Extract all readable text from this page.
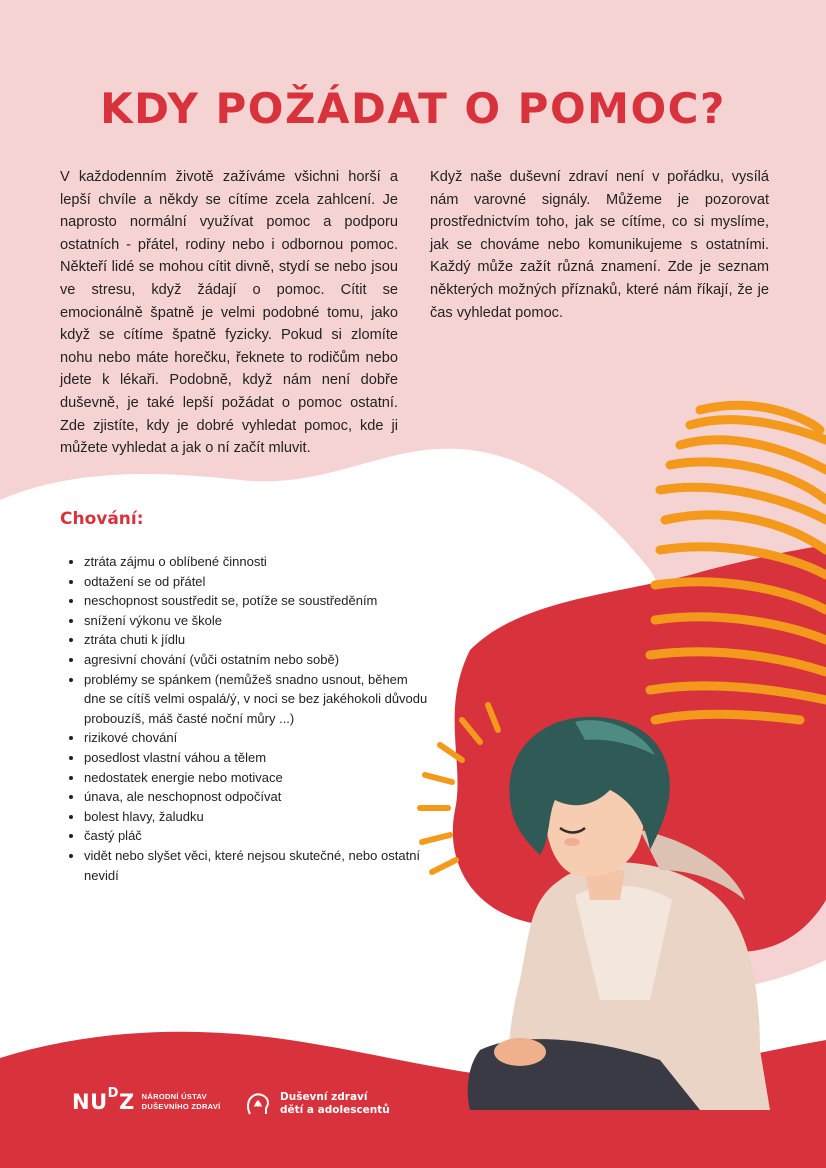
KDY POŽÁDAT O POMOC?

V každodenním životě zažíváme všichni horší a lepší chvíle a někdy se cítíme zcela zahlcení. Je naprosto normální využívat pomoc a podporu ostatních - přátel, rodiny nebo i odbornou pomoc. Někteří lidé se mohou cítit divně, stydí se nebo jsou ve stresu, když žádají o pomoc. Cítit se emocionálně špatně je velmi podobné tomu, jako když se cítíme špatně fyzicky. Pokud si zlomíte nohu nebo máte horečku, řeknete to rodičům nebo jdete k lékaři. Podobně, když nám není dobře duševně, je také lepší požádat o pomoc ostatní. Zde zjistíte, kdy je dobré vyhledat pomoc, kde ji můžete vyhledat a jak o ní začít mluvit.

Když naše duševní zdraví není v pořádku, vysílá nám varovné signály. Můžeme je pozorovat prostřednictvím toho, jak se cítíme, co si myslíme, jak se chováme nebo komunikujeme s ostatními. Každý může zažít různá znamení. Zde je seznam některých možných příznaků, které nám říkají, že je čas vyhledat pomoc.

Chování:
• ztráta zájmu o oblíbené činnosti
• odtažení se od přátel
• neschopnost soustředit se, potíže se soustředěním
• snížení výkonu ve škole
• ztráta chuti k jídlu
• agresivní chování (vůči ostatním nebo sobě)
• problémy se spánkem (nemůžeš snadno usnout, během dne se cítíš velmi ospalá/ý, v noci se bez jakéhokoli důvodu probouzíš, máš časté noční můry ...)
• rizikové chování
• posedlost vlastní váhou a tělem
• nedostatek energie nebo motivace
• únava, ale neschopnost odpočívat
• bolest hlavy, žaludku
• častý pláč
• vidět nebo slyšet věci, které nejsou skutečné, nebo ostatní nevidí
$NU^DZ$ NÁRODNÍ ÚSTAV
DUŠEVNÍHO ZDRAVÍ
Duševní zdraví
dětí a adolescentů
